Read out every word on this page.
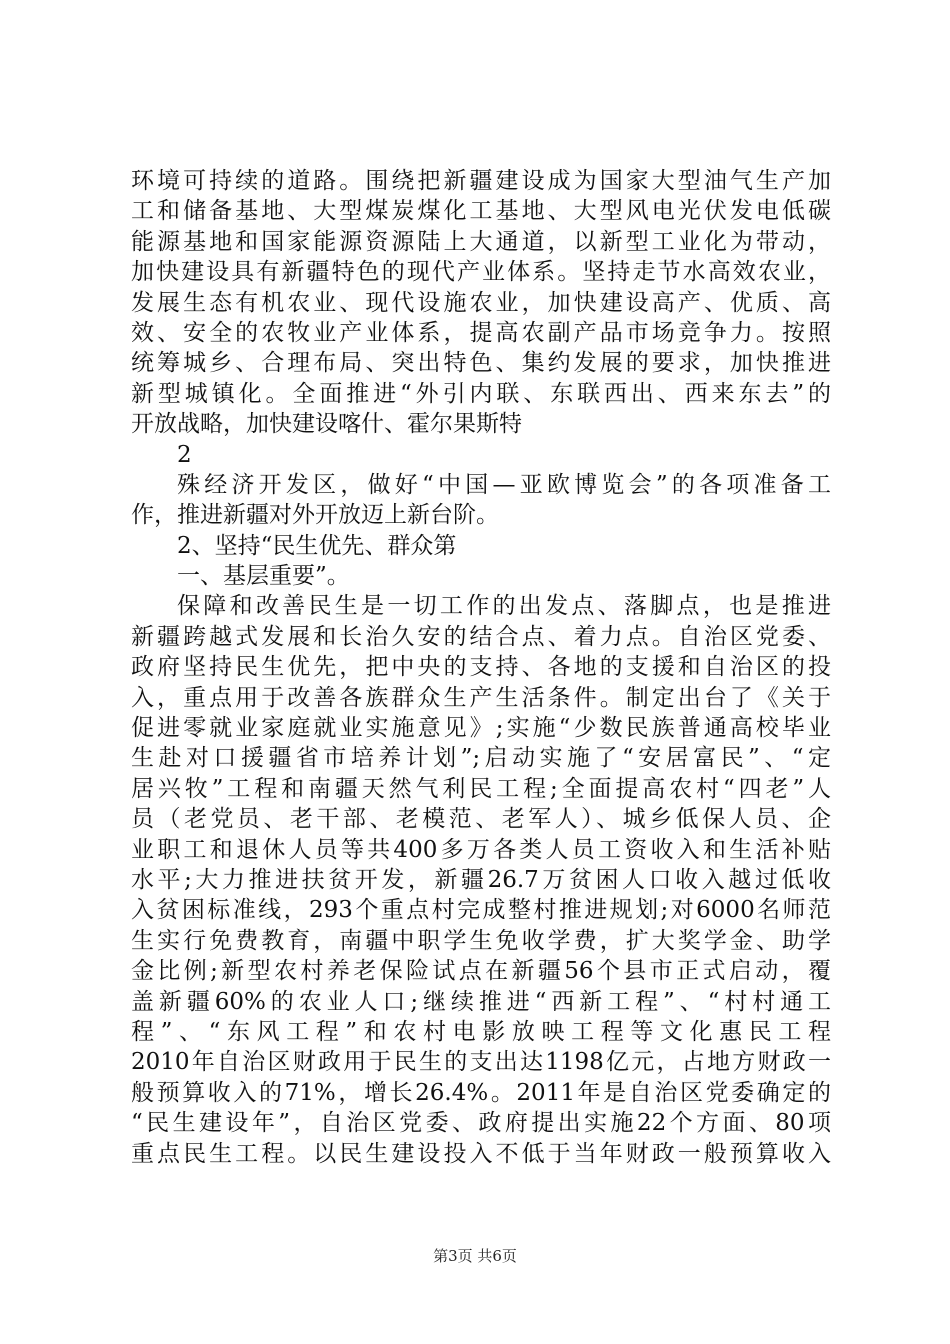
环境可持续的道路。围绕把新疆建设成为国家大型油气生产加
工和储备基地、大型煤炭煤化工基地、大型风电光伏发电低碳
能源基地和国家能源资源陆上大通道，以新型工业化为带动，
加快建设具有新疆特色的现代产业体系。坚持走节水高效农业，
发展生态有机农业、现代设施农业，加快建设高产、优质、高
效、安全的农牧业产业体系，提高农副产品市场竞争力。按照
统筹城乡、合理布局、突出特色、集约发展的要求，加快推进
新型城镇化。全面推进“外引内联、东联西出、西来东去”的
开放战略，加快建设喀什、霍尔果斯特
2
殊经济开发区，做好“中国—亚欧博览会”的各项准备工
作，推进新疆对外开放迈上新台阶。
2、坚持“民生优先、群众第
一、基层重要”。
保障和改善民生是一切工作的出发点、落脚点，也是推进
新疆跨越式发展和长治久安的结合点、着力点。自治区党委、
政府坚持民生优先，把中央的支持、各地的支援和自治区的投
入，重点用于改善各族群众生产生活条件。制定出台了《关于
促进零就业家庭就业实施意见》;实施“少数民族普通高校毕业
生赴对口援疆省市培养计划”;启动实施了“安居富民”、“定
居兴牧”工程和南疆天然气利民工程;全面提高农村“四老”人
员（老党员、老干部、老模范、老军人）、城乡低保人员、企
业职工和退休人员等共400多万各类人员工资收入和生活补贴
水平;大力推进扶贫开发，新疆26.7万贫困人口收入越过低收
入贫困标准线，293个重点村完成整村推进规划;对6000名师范
生实行免费教育，南疆中职学生免收学费，扩大奖学金、助学
金比例;新型农村养老保险试点在新疆56个县市正式启动，覆
盖新疆60%的农业人口;继续推进“西新工程”、“村村通工
程”、“东风工程”和农村电影放映工程等文化惠民工程
2010年自治区财政用于民生的支出达1198亿元，占地方财政一
般预算收入的71%，增长26.4%。2011年是自治区党委确定的
“民生建设年”，自治区党委、政府提出实施22个方面、80项
重点民生工程。以民生建设投入不低于当年财政一般预算收入
第3页 共6页
